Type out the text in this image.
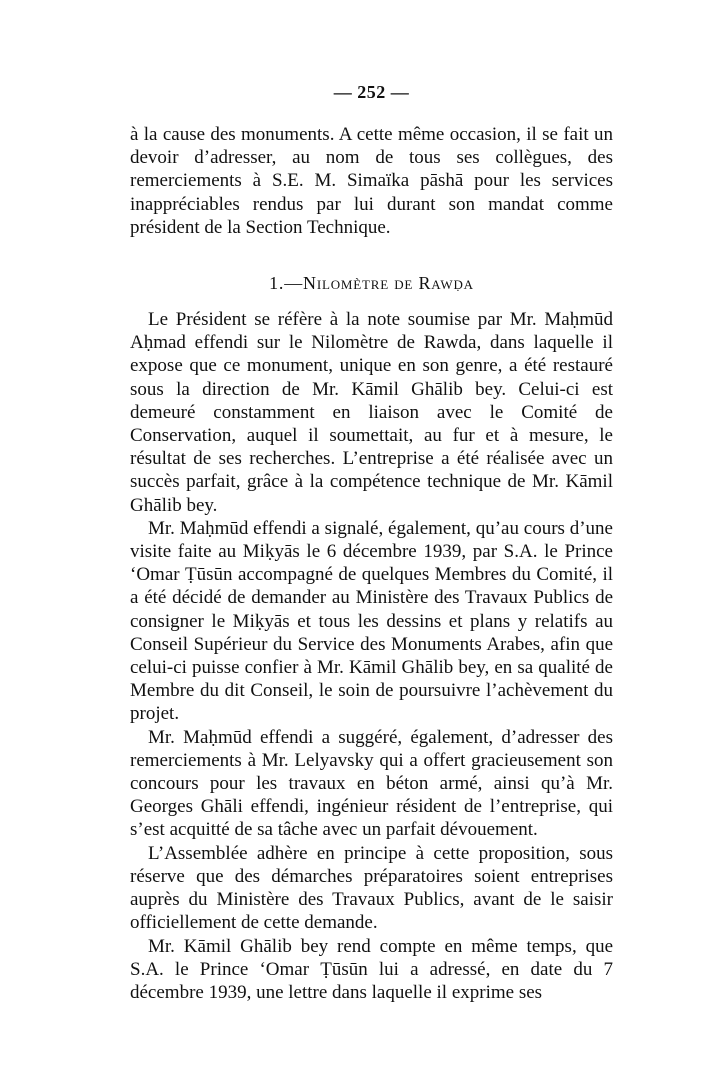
— 252 —

à la cause des monuments. A cette même occasion, il se fait un devoir d’adresser, au nom de tous ses collègues, des remerciements à S.E. M. Simaïka pāshā pour les services inappréciables rendus par lui durant son mandat comme président de la Section Technique.

1.—Nilomètre de Rawḍa

Le Président se réfère à la note soumise par Mr. Maḥmūd Aḥmad effendi sur le Nilomètre de Rawda, dans laquelle il expose que ce monument, unique en son genre, a été restauré sous la direction de Mr. Kāmil Ghālib bey. Celui-ci est demeuré constamment en liaison avec le Comité de Conservation, auquel il soumettait, au fur et à mesure, le résultat de ses recherches. L’entreprise a été réalisée avec un succès parfait, grâce à la compétence technique de Mr. Kāmil Ghālib bey.

Mr. Maḥmūd effendi a signalé, également, qu’au cours d’une visite faite au Miḳyās le 6 décembre 1939, par S.A. le Prince ‘Omar Ṭūsūn accompagné de quelques Membres du Comité, il a été décidé de demander au Ministère des Travaux Publics de consigner le Miḳyās et tous les dessins et plans y relatifs au Conseil Supérieur du Service des Monuments Arabes, afin que celui-ci puisse confier à Mr. Kāmil Ghālib bey, en sa qualité de Membre du dit Conseil, le soin de poursuivre l’achèvement du projet.

Mr. Maḥmūd effendi a suggéré, également, d’adresser des remerciements à Mr. Lelyavsky qui a offert gracieusement son concours pour les travaux en béton armé, ainsi qu’à Mr. Georges Ghāli effendi, ingénieur résident de l’entreprise, qui s’est acquitté de sa tâche avec un parfait dévouement.

L’Assemblée adhère en principe à cette proposition, sous réserve que des démarches préparatoires soient entreprises auprès du Ministère des Travaux Publics, avant de le saisir officiellement de cette demande.

Mr. Kāmil Ghālib bey rend compte en même temps, que S.A. le Prince ‘Omar Ṭūsūn lui a adressé, en date du 7 décembre 1939, une lettre dans laquelle il exprime ses
